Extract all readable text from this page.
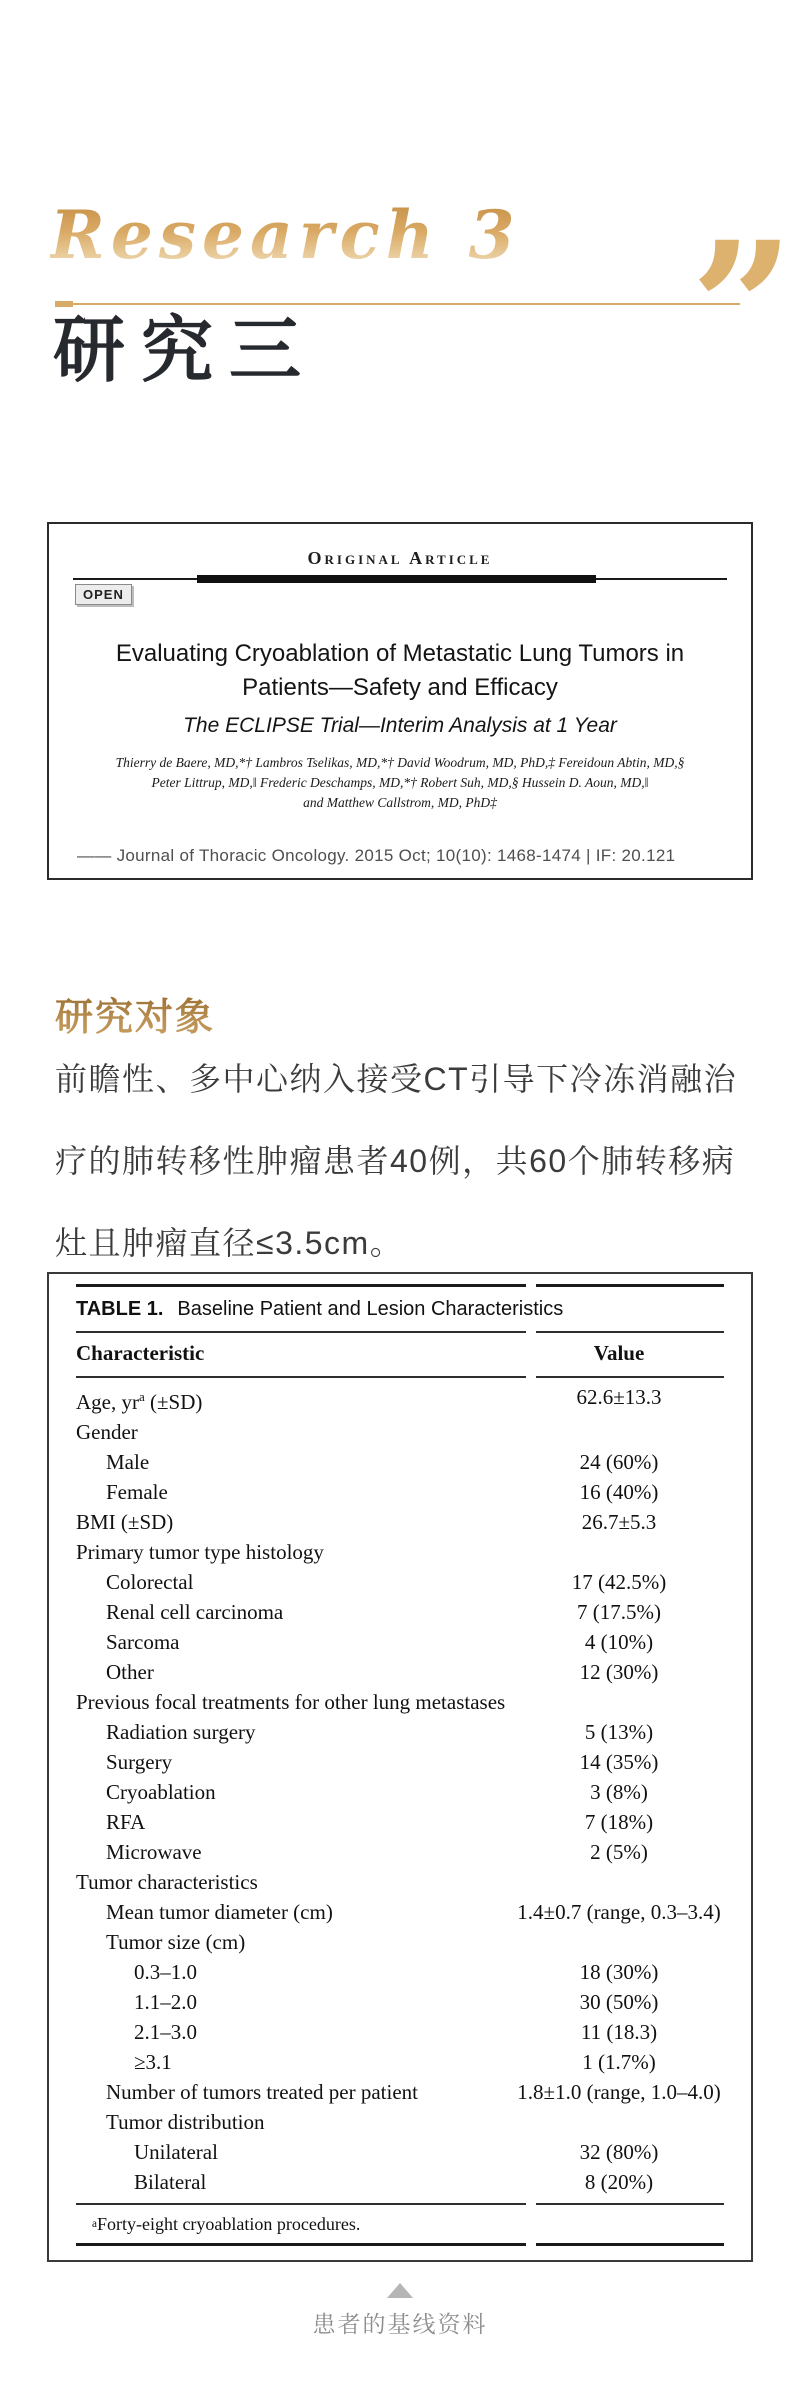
Research 3
研究三 ”
Original Article
OPEN
Evaluating Cryoablation of Metastatic Lung Tumors in Patients—Safety and Efficacy
The ECLIPSE Trial—Interim Analysis at 1 Year
Thierry de Baere, MD,*† Lambros Tselikas, MD,*† David Woodrum, MD, PhD,‡ Fereidoun Abtin, MD,§
Peter Littrup, MD,‖ Frederic Deschamps, MD,*† Robert Suh, MD,§ Hussein D. Aoun, MD,‖
and Matthew Callstrom, MD, PhD‡
—— Journal of Thoracic Oncology. 2015 Oct; 10(10): 1468-1474 | IF: 20.121
研究对象
前瞻性、多中心纳入接受CT引导下冷冻消融治疗的肺转移性肿瘤患者40例，共60个肺转移病灶且肿瘤直径≤3.5cm。
TABLE 1. Baseline Patient and Lesion Characteristics
Characteristic	Value
Age, $yr^a$ (±SD)	62.6±13.3
Gender
Male	24 (60%)
Female	16 (40%)
BMI (±SD)	26.7±5.3
Primary tumor type histology
Colorectal	17 (42.5%)
Renal cell carcinoma	7 (17.5%)
Sarcoma	4 (10%)
Other	12 (30%)
Previous focal treatments for other lung metastases
Radiation surgery	5 (13%)
Surgery	14 (35%)
Cryoablation	3 (8%)
RFA	7 (18%)
Microwave	2 (5%)
Tumor characteristics
Mean tumor diameter (cm)	1.4±0.7 (range, 0.3–3.4)
Tumor size (cm)
0.3–1.0	18 (30%)
1.1–2.0	30 (50%)
2.1–3.0	11 (18.3)
≥3.1	1 (1.7%)
Number of tumors treated per patient	1.8±1.0 (range, 1.0–4.0)
Tumor distribution
Unilateral	32 (80%)
Bilateral	8 (20%)
a Forty-eight cryoablation procedures.
患者的基线资料
